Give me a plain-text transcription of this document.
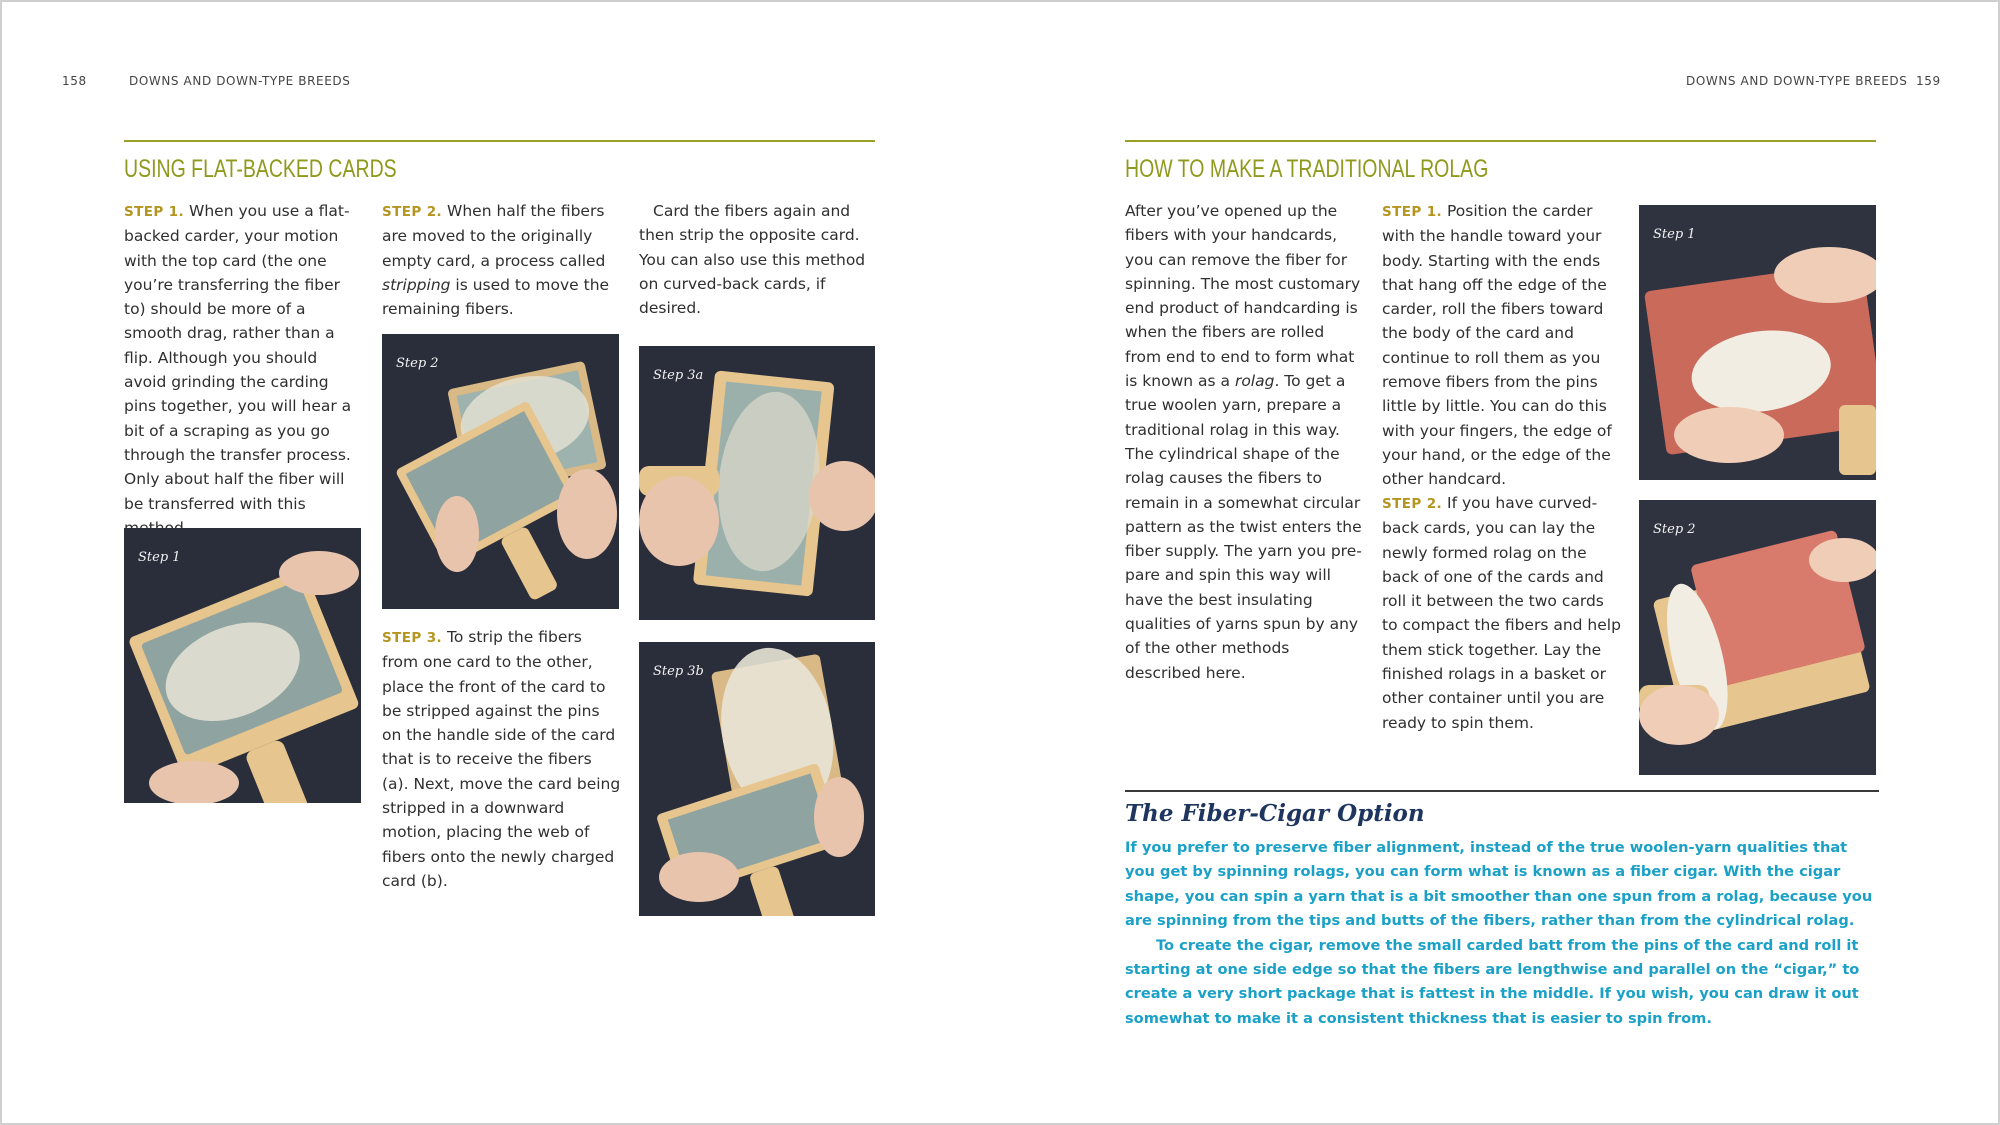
158	DOWNS AND DOWN-TYPE BREEDS
USING FLAT-BACKED CARDS
STEP 1. When you use a flat-backed carder, your motion with the top card (the one you’re transferring the fiber to) should be more of a smooth drag, rather than a flip. Although you should avoid grinding the carding pins together, you will hear a bit of a scraping as you go through the transfer process. Only about half the fiber will be transferred with this
Step 1
STEP 2. When half the fibers are moved to the originally empty card, a process called stripping is used to move the remaining fibers.
Step 2
STEP 3. To strip the fibers from one card to the other, place the front of the card to be stripped against the pins on the handle side of the card that is to receive the fibers (a). Next, move the card being stripped in a downward motion, placing the web of fibers onto the newly charged card (b).
Card the fibers again and then strip the opposite card. You can also use this method on curved-back cards, if desired.
Step 3a
Step 3b
DOWNS AND DOWN-TYPE BREEDS 159
HOW TO MAKE A TRADITIONAL ROLAG
After you’ve opened up the fibers with your handcards, you can remove the fiber for spinning. The most customary end product of handcarding is when the fibers are rolled from end to end to form what is known as a rolag. To get a true woolen yarn, prepare a traditional rolag in this way. The cylindrical shape of the rolag causes the fibers to remain in a somewhat circular pattern as the twist enters the fiber supply. The yarn you prepare and spin this way will have the best insulating qualities of yarns spun by any of the other methods described here.
STEP 1. Position the carder with the handle toward your body. Starting with the ends that hang off the edge of the carder, roll the fibers toward the body of the card and continue to roll them as you remove fibers from the pins little by little. You can do this with your fingers, the edge of your hand, or the edge of the other handcard.
STEP 2. If you have curved-back cards, you can lay the newly formed rolag on the back of one of the cards and roll it between the two cards to compact the fibers and help them stick together. Lay the finished rolags in a basket or other container until you are ready to spin them.
Step 1
Step 2
The Fiber-Cigar Option
If you prefer to preserve fiber alignment, instead of the true woolen-yarn qualities that you get by spinning rolags, you can form what is known as a fiber cigar. With the cigar shape, you can spin a yarn that is a bit smoother than one spun from a rolag, because you are spinning from the tips and butts of the fibers, rather than from the cylindrical rolag.
To create the cigar, remove the small carded batt from the pins of the card and roll it starting at one side edge so that the fibers are lengthwise and parallel on the “cigar,” to create a very short package that is fattest in the middle. If you wish, you can draw it out somewhat to make it a consistent thickness that is easier to spin from.
